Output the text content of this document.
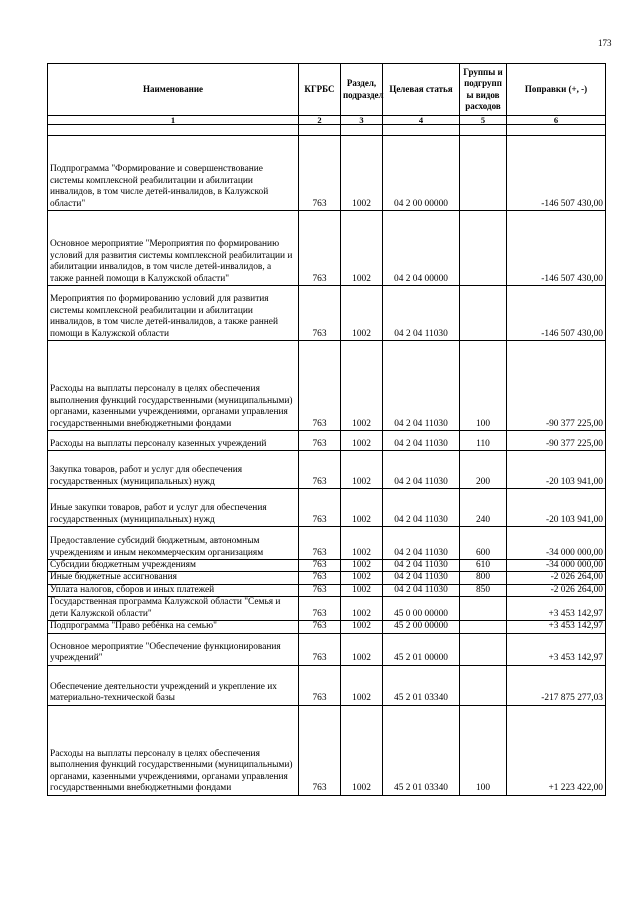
173
Наименование	КГРБС	Раздел, подраздел	Целевая статья	Группы и подгрупп ы видов расходов	Поправки (+, -)
1	2	3	4	5	6

Подпрограмма "Формирование и совершенствование системы комплексной реабилитации и абилитации инвалидов, в том числе детей-инвалидов, в Калужской области"	763	1002	04 2 00 00000		-146 507 430,00
Основное мероприятие "Мероприятия по формированию условий для развития системы комплексной реабилитации и абилитации инвалидов, в том числе детей-инвалидов, а также ранней помощи в Калужской области"	763	1002	04 2 04 00000		-146 507 430,00
Мероприятия по формированию условий для развития системы комплексной реабилитации и абилитации инвалидов, в том числе детей-инвалидов, а также ранней помощи в Калужской области	763	1002	04 2 04 11030		-146 507 430,00
Расходы на выплаты персоналу в целях обеспечения выполнения функций государственными (муниципальными) органами, казенными учреждениями, органами управления государственными внебюджетными фондами	763	1002	04 2 04 11030	100	-90 377 225,00
Расходы на выплаты персоналу казенных учреждений	763	1002	04 2 04 11030	110	-90 377 225,00
Закупка товаров, работ и услуг для обеспечения государственных (муниципальных) нужд	763	1002	04 2 04 11030	200	-20 103 941,00
Иные закупки товаров, работ и услуг для обеспечения государственных (муниципальных) нужд	763	1002	04 2 04 11030	240	-20 103 941,00
Предоставление субсидий бюджетным, автономным учреждениям и иным некоммерческим организациям	763	1002	04 2 04 11030	600	-34 000 000,00
Субсидии бюджетным учреждениям	763	1002	04 2 04 11030	610	-34 000 000,00
Иные бюджетные ассигнования	763	1002	04 2 04 11030	800	-2 026 264,00
Уплата налогов, сборов и иных платежей	763	1002	04 2 04 11030	850	-2 026 264,00
Государственная программа Калужской области "Семья и дети Калужской области"	763	1002	45 0 00 00000		+3 453 142,97
Подпрограмма "Право ребёнка на семью"	763	1002	45 2 00 00000		+3 453 142,97
Основное мероприятие "Обеспечение функционирования учреждений"	763	1002	45 2 01 00000		+3 453 142,97
Обеспечение деятельности учреждений и укрепление их материально-технической базы	763	1002	45 2 01 03340		-217 875 277,03
Расходы на выплаты персоналу в целях обеспечения выполнения функций государственными (муниципальными) органами, казенными учреждениями, органами управления государственными внебюджетными фондами	763	1002	45 2 01 03340	100	+1 223 422,00
